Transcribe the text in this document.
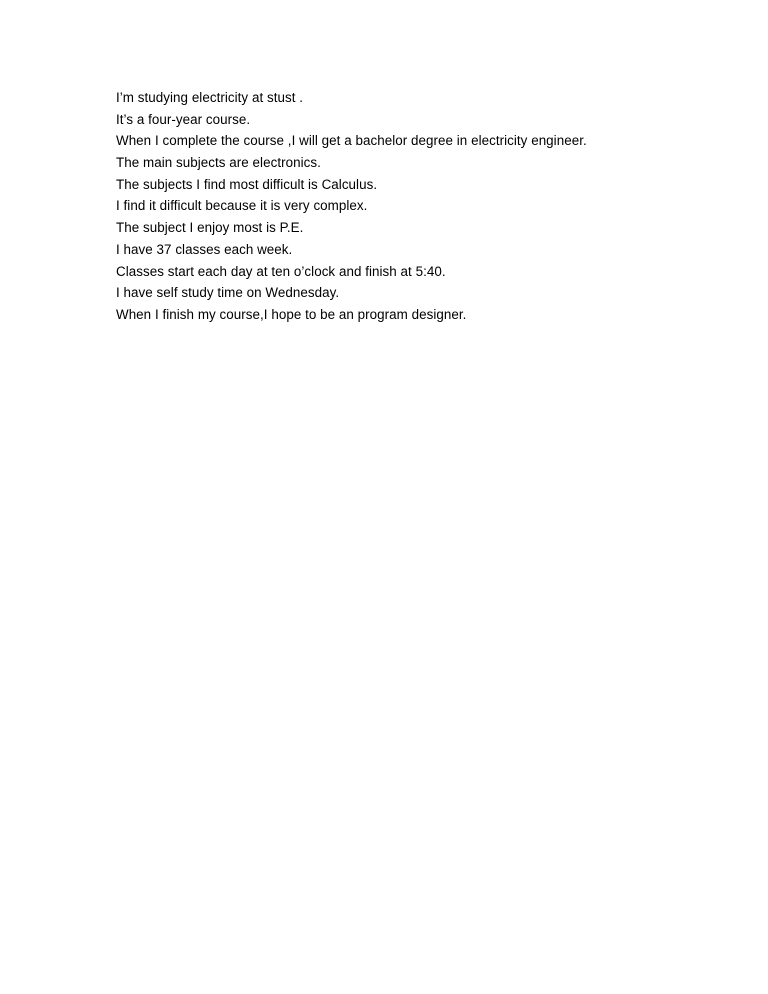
I’m studying electricity at stust .
It’s a four-year course.
When I complete the course ,I will get a bachelor degree in electricity engineer.
The main subjects are electronics.
The subjects I find most difficult is Calculus.
I find it difficult because it is very complex.
The subject I enjoy most is P.E.
I have 37 classes each week.
Classes start each day at ten o’clock and finish at 5:40.
I have self study time on Wednesday.
When I finish my course,I hope to be an program designer.
